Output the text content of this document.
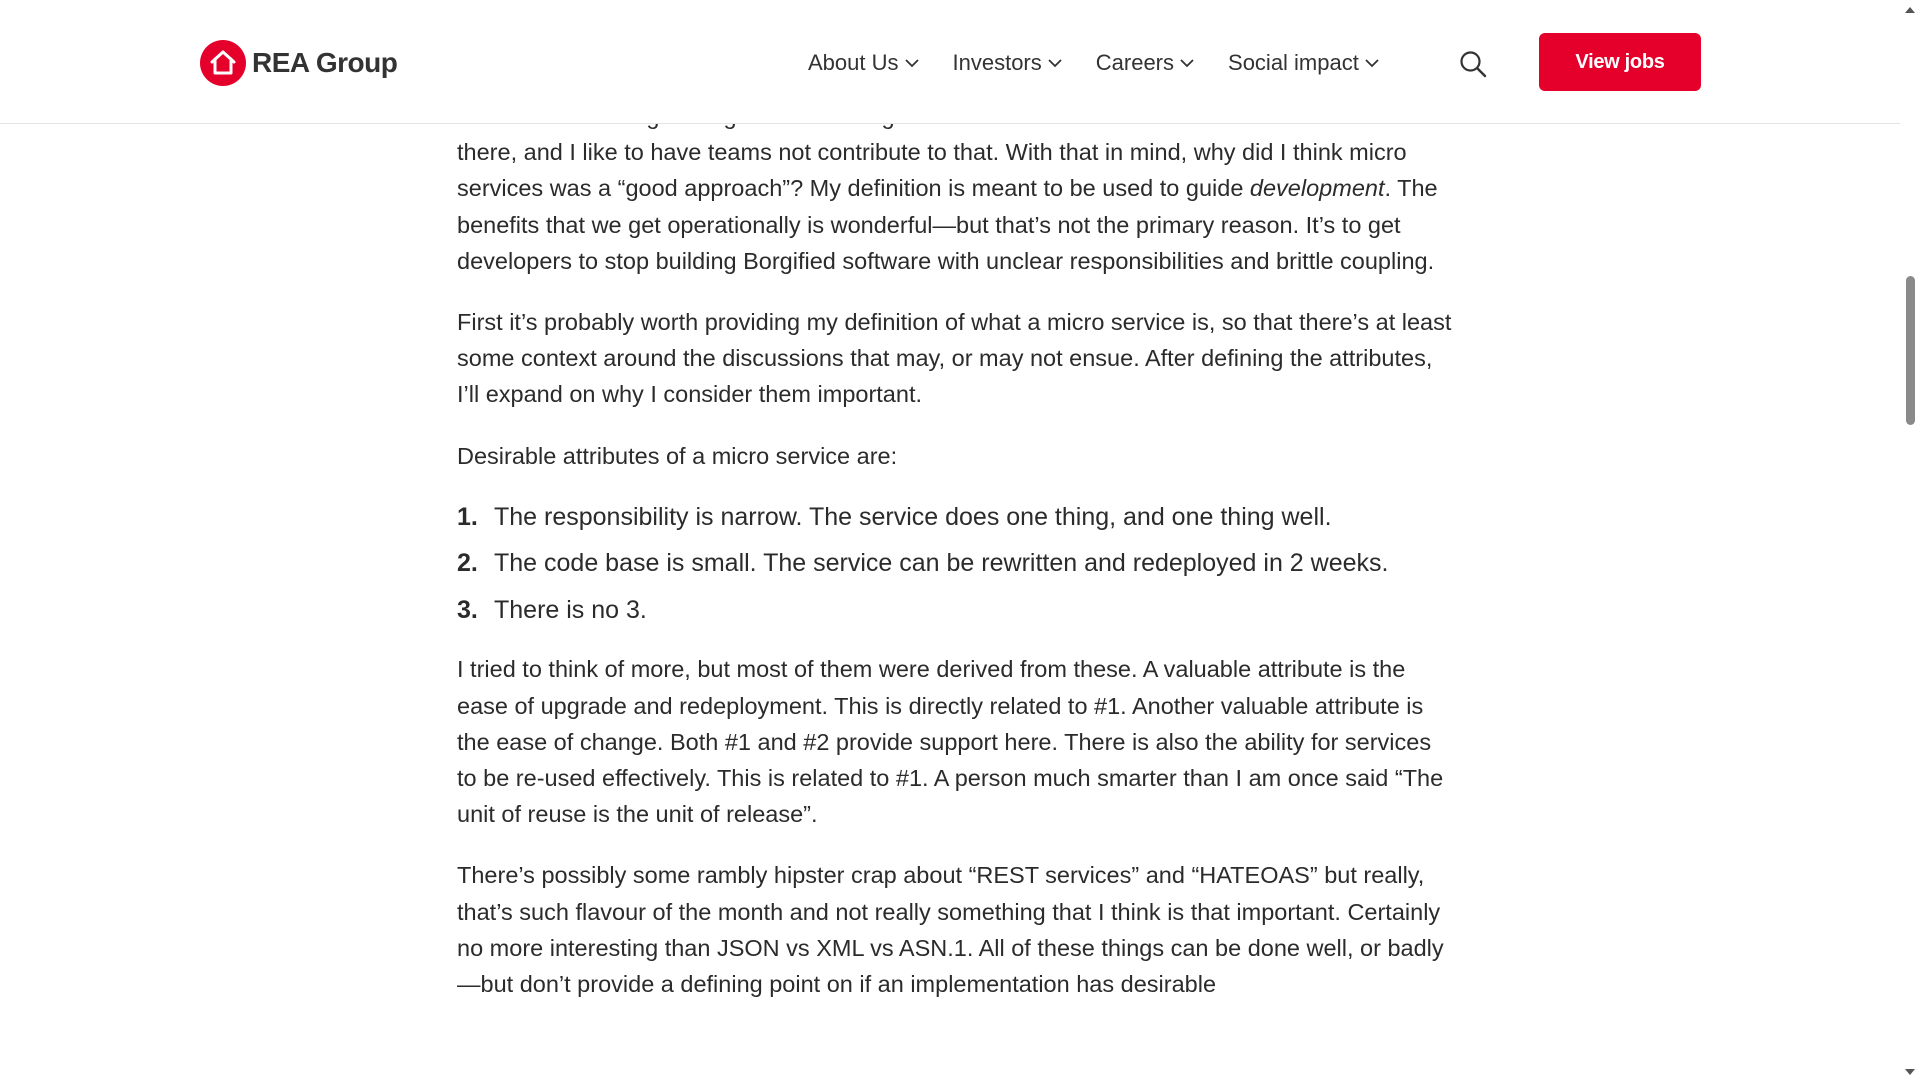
REA Group	About Us Investors Careers Social impact	View jobs

there, and I like to have teams not contribute to that. With that in mind, why did I think micro services was a “good approach”? My definition is meant to be used to guide development. The benefits that we get operationally is wonderful—but that’s not the primary reason. It’s to get developers to stop building Borgified software with unclear responsibilities and brittle coupling.

First it’s probably worth providing my definition of what a micro service is, so that there’s at least some context around the discussions that may, or may not ensue. After defining the attributes, I’ll expand on why I consider them important.

Desirable attributes of a micro service are:

1. The responsibility is narrow. The service does one thing, and one thing well.
2. The code base is small. The service can be rewritten and redeployed in 2 weeks.
3. There is no 3.

I tried to think of more, but most of them were derived from these. A valuable attribute is the ease of upgrade and redeployment. This is directly related to #1. Another valuable attribute is the ease of change. Both #1 and #2 provide support here. There is also the ability for services to be re-used effectively. This is related to #1. A person much smarter than I am once said “The unit of reuse is the unit of release”.

There’s possibly some rambly hipster crap about “REST services” and “HATEOAS” but really, that’s such flavour of the month and not really something that I think is that important. Certainly no more interesting than JSON vs XML vs ASN.1. All of these things can be done well, or badly—but don’t provide a defining point on if an implementation has desirable
